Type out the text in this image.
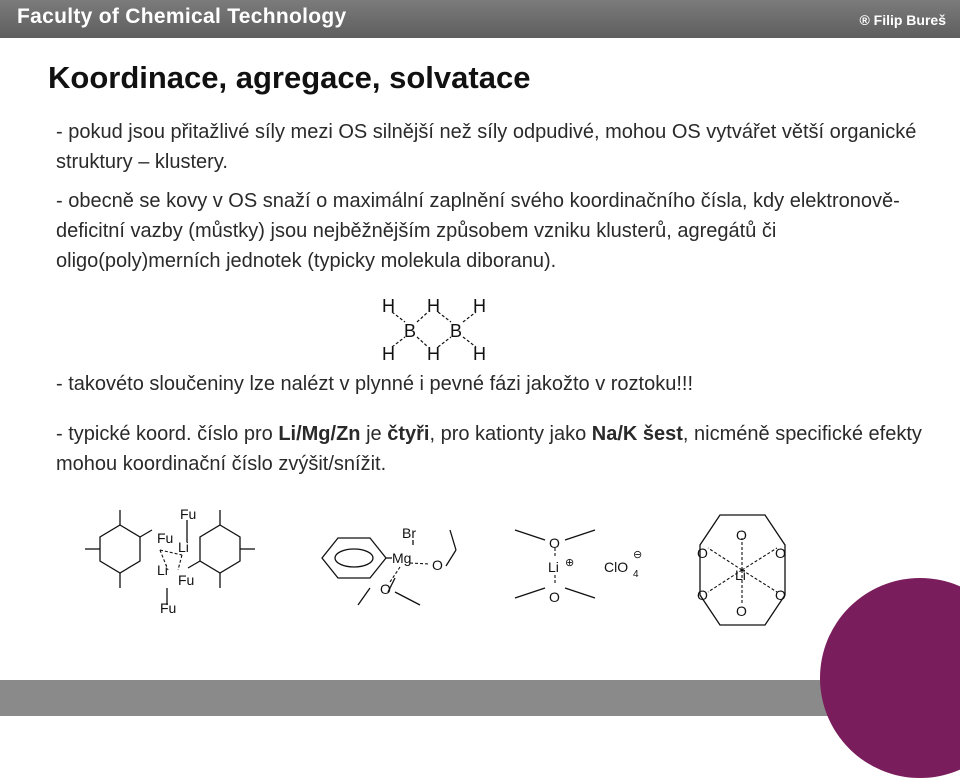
Faculty of Chemical Technology	® Filip Bureš
Koordinace, agregace, solvatace

- pokud jsou přitažlivé síly mezi OS silnější než síly odpudivé, mohou OS vytvářet větší organické struktury – klustery.

- obecně se kovy v OS snaží o maximální zaplnění svého koordinačního čísla, kdy elektronově-deficitní vazby (můstky) jsou nejběžnějším způsobem vzniku klusterů, agregátů či oligo(poly)merních jednotek (typicky molekula diboranu).

H H H
B B
H H H

- takovéto sloučeniny lze nalézt v plynné i pevné fázi jakožto v roztoku!!!

- typické koord. číslo pro Li/Mg/Zn je čtyři, pro kationty jako Na/K šest, nicméně specifické efekty mohou koordinační číslo zvýšit/snížit.

Fu
Fu
Li
Li
Fu
Fu
Br
Mg O
O
O
Li ⊕
O
ClO 4
⊖
O
O	O
Li
O	O
O
